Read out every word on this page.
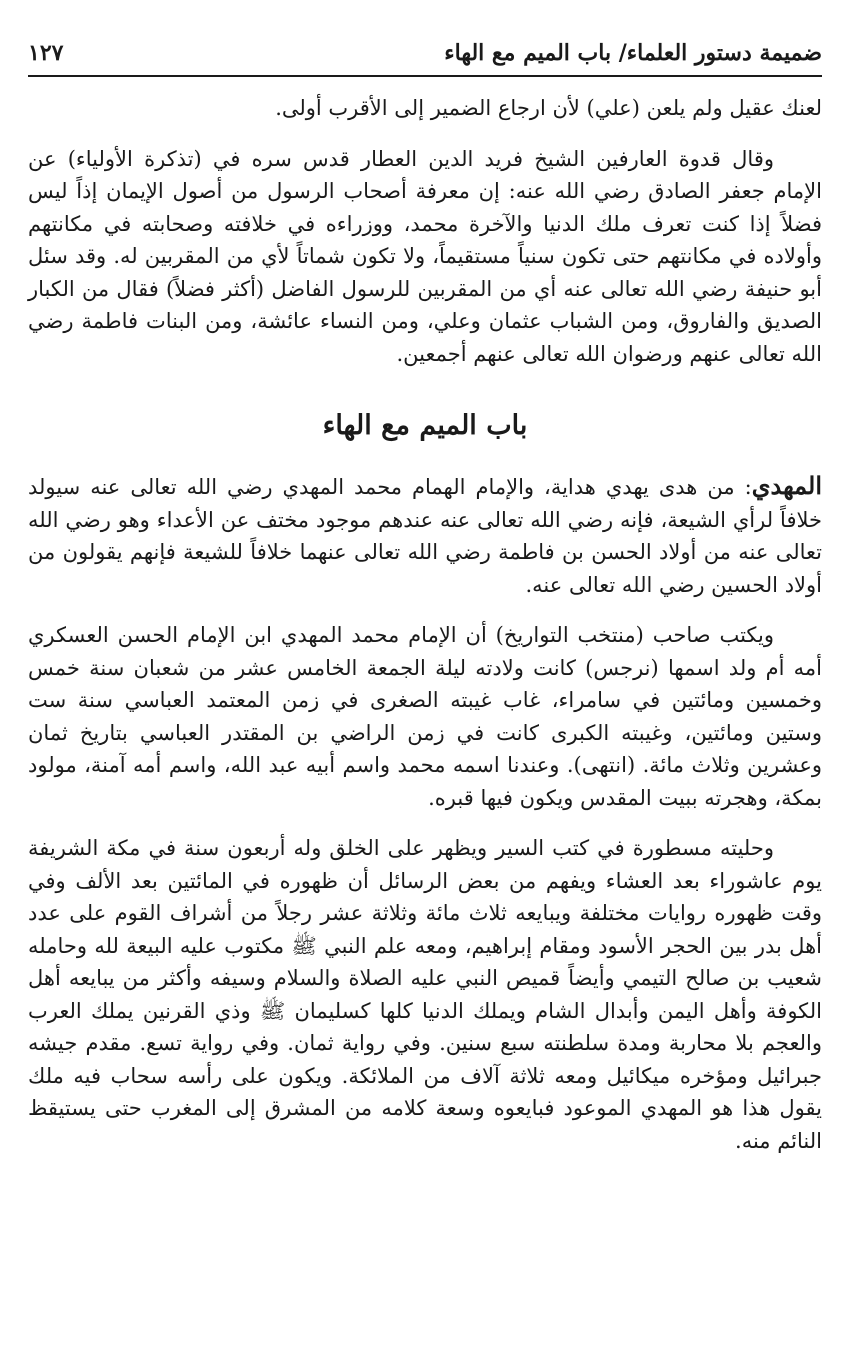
ضميمة دستور العلماء/ باب الميم مع الهاء
١٢٧

لعنك عقيل ولم يلعن (علي) لأن ارجاع الضمير إلى الأقرب أولى.

وقال قدوة العارفين الشيخ فريد الدين العطار قدس سره في (تذكرة الأولياء) عن الإمام جعفر الصادق رضي الله عنه: إن معرفة أصحاب الرسول من أصول الإيمان إذاً ليس فضلاً إذا كنت تعرف ملك الدنيا والآخرة محمد، ووزراءه في خلافته وصحابته في مكانتهم وأولاده في مكانتهم حتى تكون سنياً مستقيماً، ولا تكون شماتاً لأي من المقربين له. وقد سئل أبو حنيفة رضي الله تعالى عنه أي من المقربين للرسول الفاضل (أكثر فضلاً) فقال من الكبار الصديق والفاروق، ومن الشباب عثمان وعلي، ومن النساء عائشة، ومن البنات فاطمة رضي الله تعالى عنهم ورضوان الله تعالى عنهم أجمعين.

باب الميم مع الهاء

المهدي: من هدى يهدي هداية، والإمام الهمام محمد المهدي رضي الله تعالى عنه سيولد خلافاً لرأي الشيعة، فإنه رضي الله تعالى عنه عندهم موجود مختف عن الأعداء وهو رضي الله تعالى عنه من أولاد الحسن بن فاطمة رضي الله تعالى عنهما خلافاً للشيعة فإنهم يقولون من أولاد الحسين رضي الله تعالى عنه.

ويكتب صاحب (منتخب التواريخ) أن الإمام محمد المهدي ابن الإمام الحسن العسكري أمه أم ولد اسمها (نرجس) كانت ولادته ليلة الجمعة الخامس عشر من شعبان سنة خمس وخمسين ومائتين في سامراء، غاب غيبته الصغرى في زمن المعتمد العباسي سنة ست وستين ومائتين، وغيبته الكبرى كانت في زمن الراضي بن المقتدر العباسي بتاريخ ثمان وعشرين وثلاث مائة. (انتهى). وعندنا اسمه محمد واسم أبيه عبد الله، واسم أمه آمنة، مولود بمكة، وهجرته ببيت المقدس ويكون فيها قبره.

وحليته مسطورة في كتب السير ويظهر على الخلق وله أربعون سنة في مكة الشريفة يوم عاشوراء بعد العشاء ويفهم من بعض الرسائل أن ظهوره في المائتين بعد الألف وفي وقت ظهوره روايات مختلفة ويبايعه ثلاث مائة وثلاثة عشر رجلاً من أشراف القوم على عدد أهل بدر بين الحجر الأسود ومقام إبراهيم، ومعه علم النبي ﷺ مكتوب عليه البيعة لله وحامله شعيب بن صالح التيمي وأيضاً قميص النبي عليه الصلاة والسلام وسيفه وأكثر من يبايعه أهل الكوفة وأهل اليمن وأبدال الشام ويملك الدنيا كلها كسليمان ﷺ وذي القرنين يملك العرب والعجم بلا محاربة ومدة سلطنته سبع سنين. وفي رواية ثمان. وفي رواية تسع. مقدم جيشه جبرائيل ومؤخره ميكائيل ومعه ثلاثة آلاف من الملائكة. ويكون على رأسه سحاب فيه ملك يقول هذا هو المهدي الموعود فبايعوه وسعة كلامه من المشرق إلى المغرب حتى يستيقظ النائم منه.
